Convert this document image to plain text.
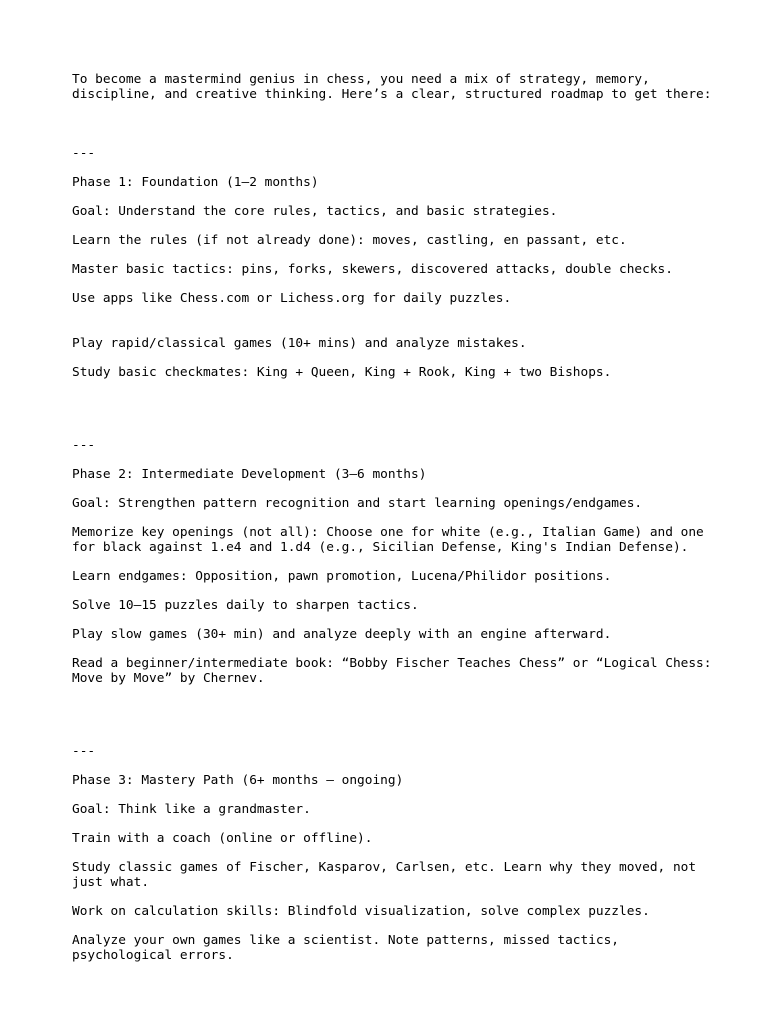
To become a mastermind genius in chess, you need a mix of strategy, memory, discipline, and creative thinking. Here’s a clear, structured roadmap to get there:

---

Phase 1: Foundation (1–2 months)

Goal: Understand the core rules, tactics, and basic strategies.

Learn the rules (if not already done): moves, castling, en passant, etc.

Master basic tactics: pins, forks, skewers, discovered attacks, double checks.

Use apps like Chess.com or Lichess.org for daily puzzles.

Play rapid/classical games (10+ mins) and analyze mistakes.

Study basic checkmates: King + Queen, King + Rook, King + two Bishops.

---

Phase 2: Intermediate Development (3–6 months)

Goal: Strengthen pattern recognition and start learning openings/endgames.

Memorize key openings (not all): Choose one for white (e.g., Italian Game) and one for black against 1.e4 and 1.d4 (e.g., Sicilian Defense, King's Indian Defense).

Learn endgames: Opposition, pawn promotion, Lucena/Philidor positions.

Solve 10–15 puzzles daily to sharpen tactics.

Play slow games (30+ min) and analyze deeply with an engine afterward.

Read a beginner/intermediate book: “Bobby Fischer Teaches Chess” or “Logical Chess: Move by Move” by Chernev.

---

Phase 3: Mastery Path (6+ months – ongoing)

Goal: Think like a grandmaster.

Train with a coach (online or offline).

Study classic games of Fischer, Kasparov, Carlsen, etc. Learn why they moved, not just what.

Work on calculation skills: Blindfold visualization, solve complex puzzles.

Analyze your own games like a scientist. Note patterns, missed tactics, psychological errors.
